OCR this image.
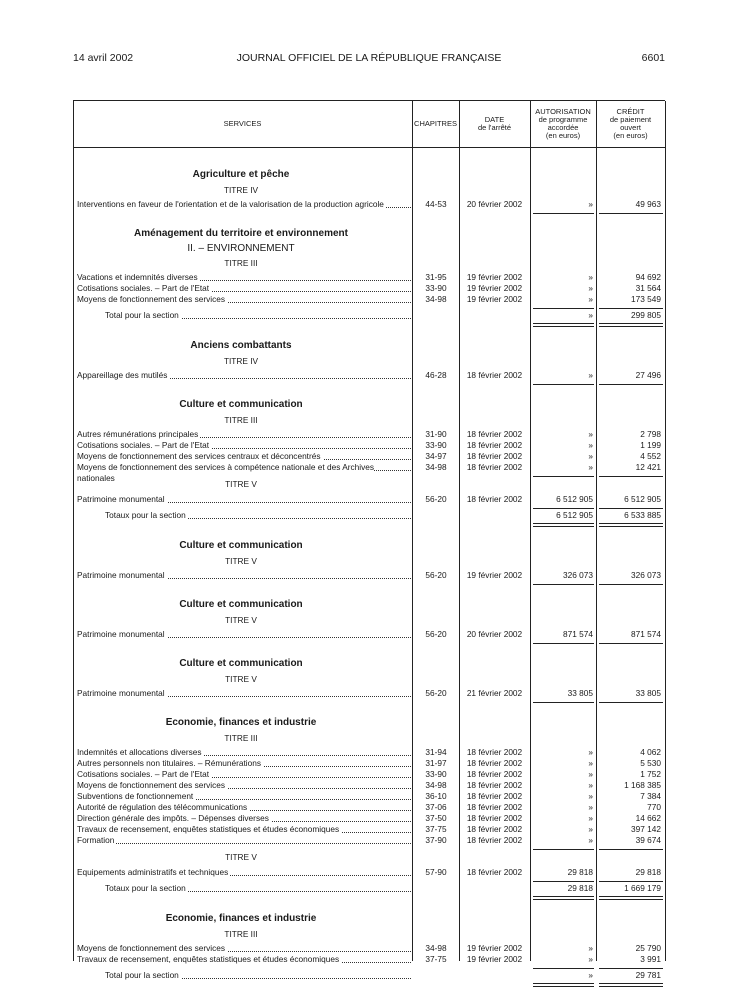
14 avril 2002	JOURNAL OFFICIEL DE LA RÉPUBLIQUE FRANÇAISE	6601
SERVICES	CHAPITRES	DATE
de l'arrêté
AUTORISATION
de programme
accordée
(en euros)
CRÉDIT
de paiement
ouvert
(en euros)
Agriculture et pêche
TITRE IV
Interventions en faveur de l'orientation et de la valorisation de la production agricole	44-53	20 février 2002	»	49 963
Aménagement du territoire et environnement
II. – ENVIRONNEMENT
TITRE III
Vacations et indemnités diverses	31-95	19 février 2002	»	94 692
Cotisations sociales. – Part de l'Etat	33-90	19 février 2002	»	31 564
Moyens de fonctionnement des services	34-98	19 février 2002	»	173 549
Total pour la section	»	299 805
Anciens combattants
TITRE IV
Appareillage des mutilés	46-28	18 février 2002	»	27 496
Culture et communication
TITRE III
Autres rémunérations principales	31-90	18 février 2002	»	2 798
Cotisations sociales. – Part de l'Etat	33-90	18 février 2002	»	1 199
Moyens de fonctionnement des services centraux et déconcentrés	34-97	18 février 2002	»	4 552
Moyens de fonctionnement des services à compétence nationale et des Archives nationales
34-98	18 février 2002	»	12 421
TITRE V
Patrimoine monumental	56-20	18 février 2002	6 512 905	6 512 905
Totaux pour la section	6 512 905	6 533 885
Culture et communication
TITRE V
Patrimoine monumental	56-20	19 février 2002	326 073	326 073
Culture et communication
TITRE V
Patrimoine monumental	56-20	20 février 2002	871 574	871 574
Culture et communication
TITRE V
Patrimoine monumental	56-20	21 février 2002	33 805	33 805
Economie, finances et industrie
TITRE III
Indemnités et allocations diverses	31-94	18 février 2002	»	4 062
Autres personnels non titulaires. – Rémunérations	31-97	18 février 2002	»	5 530
Cotisations sociales. – Part de l'Etat	33-90	18 février 2002	»	1 752
Moyens de fonctionnement des services	34-98	18 février 2002	»	1 168 385
Subventions de fonctionnement	36-10	18 février 2002	»	7 384
Autorité de régulation des télécommunications	37-06	18 février 2002	»	770
Direction générale des impôts. – Dépenses diverses	37-50	18 février 2002	»	14 662
Travaux de recensement, enquêtes statistiques et études économiques	37-75	18 février 2002	»	397 142
Formation	37-90	18 février 2002	»	39 674
TITRE V
Equipements administratifs et techniques	57-90	18 février 2002	29 818	29 818
Totaux pour la section	29 818	1 669 179
Economie, finances et industrie
TITRE III
Moyens de fonctionnement des services	34-98	19 février 2002	»	25 790
Travaux de recensement, enquêtes statistiques et études économiques	37-75	19 février 2002	»	3 991
Total pour la section	»	29 781
